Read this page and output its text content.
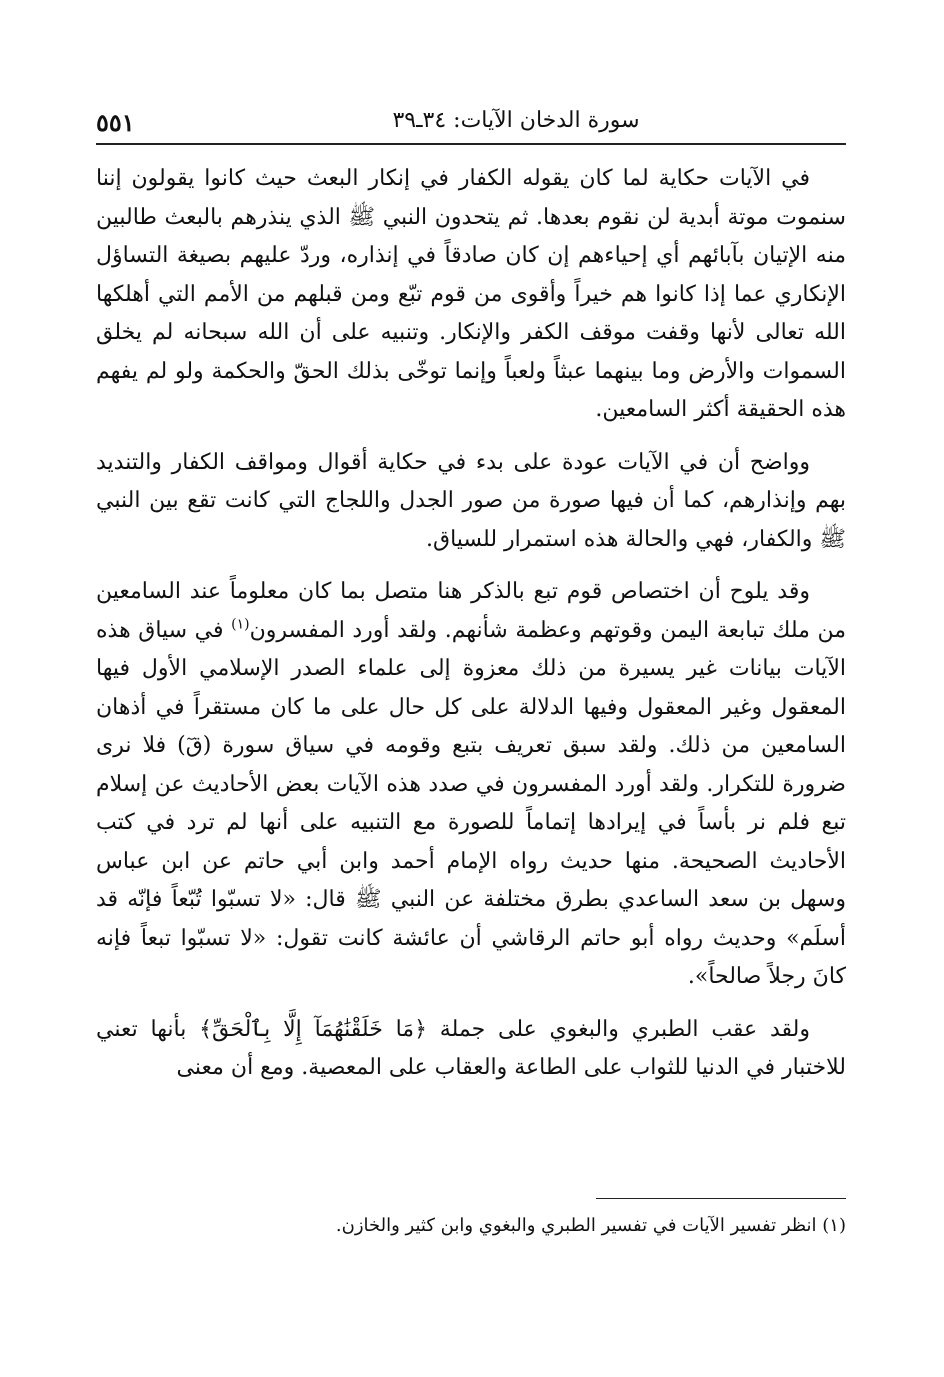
٥٥١	سورة الدخان الآيات: ٣٤ـ٣٩

في الآيات حكاية لما كان يقوله الكفار في إنكار البعث حيث كانوا يقولون إننا سنموت موتة أبدية لن نقوم بعدها. ثم يتحدون النبي ﷺ الذي ينذرهم بالبعث طالبين منه الإتيان بآبائهم أي إحياءهم إن كان صادقاً في إنذاره، وردّ عليهم بصيغة التساؤل الإنكاري عما إذا كانوا هم خيراً وأقوى من قوم تبّع ومن قبلهم من الأمم التي أهلكها الله تعالى لأنها وقفت موقف الكفر والإنكار. وتنبيه على أن الله سبحانه لم يخلق السموات والأرض وما بينهما عبثاً ولعباً وإنما توخّى بذلك الحقّ والحكمة ولو لم يفهم هذه الحقيقة أكثر السامعين.

وواضح أن في الآيات عودة على بدء في حكاية أقوال ومواقف الكفار والتنديد بهم وإنذارهم، كما أن فيها صورة من صور الجدل واللجاج التي كانت تقع بين النبي ﷺ والكفار، فهي والحالة هذه استمرار للسياق.

وقد يلوح أن اختصاص قوم تبع بالذكر هنا متصل بما كان معلوماً عند السامعين من ملك تبابعة اليمن وقوتهم وعظمة شأنهم. ولقد أورد المفسرون$^{(١)}$ في سياق هذه الآيات بيانات غير يسيرة من ذلك معزوة إلى علماء الصدر الإسلامي الأول فيها المعقول وغير المعقول وفيها الدلالة على كل حال على ما كان مستقراً في أذهان السامعين من ذلك. ولقد سبق تعريف بتبع وقومه في سياق سورة (قٓ) فلا نرى ضرورة للتكرار. ولقد أورد المفسرون في صدد هذه الآيات بعض الأحاديث عن إسلام تبع فلم نر بأساً في إيرادها إتماماً للصورة مع التنبيه على أنها لم ترد في كتب الأحاديث الصحيحة. منها حديث رواه الإمام أحمد وابن أبي حاتم عن ابن عباس وسهل بن سعد الساعدي بطرق مختلفة عن النبي ﷺ قال: «لا تسبّوا تُبّعاً فإنّه قد أسلَم» وحديث رواه أبو حاتم الرقاشي أن عائشة كانت تقول: «لا تسبّوا تبعاً فإنه كانَ رجلاً صالحاً».

ولقد عقب الطبري والبغوي على جملة ﴿مَا خَلَقْنَٰهُمَآ إِلَّا بِٱلْحَقِّ﴾ بأنها تعني للاختبار في الدنيا للثواب على الطاعة والعقاب على المعصية. ومع أن معنى

(١) انظر تفسير الآيات في تفسير الطبري والبغوي وابن كثير والخازن.
